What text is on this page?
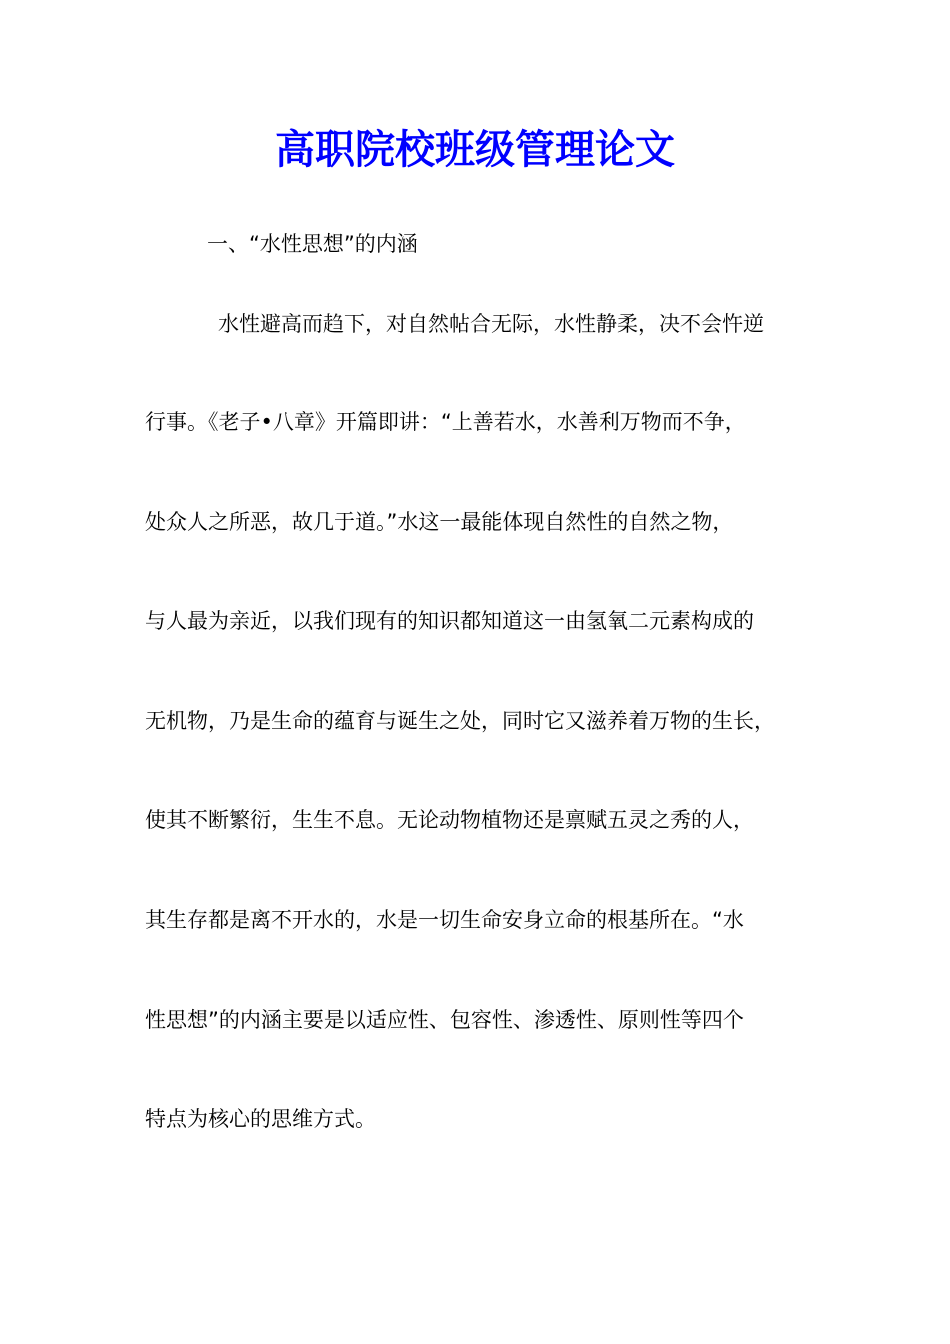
高职院校班级管理论文
一、“水性思想”的内涵
水性避高而趋下，对自然帖合无际，水性静柔，决不会忤逆
行事。《老子•八章》开篇即讲：“上善若水，水善利万物而不争，
处众人之所恶，故几于道。”水这一最能体现自然性的自然之物，
与人最为亲近，以我们现有的知识都知道这一由氢氧二元素构成的
无机物，乃是生命的蕴育与诞生之处，同时它又滋养着万物的生长，
使其不断繁衍，生生不息。无论动物植物还是禀赋五灵之秀的人，
其生存都是离不开水的，水是一切生命安身立命的根基所在。“水
性思想”的内涵主要是以适应性、包容性、渗透性、原则性等四个
特点为核心的思维方式。
